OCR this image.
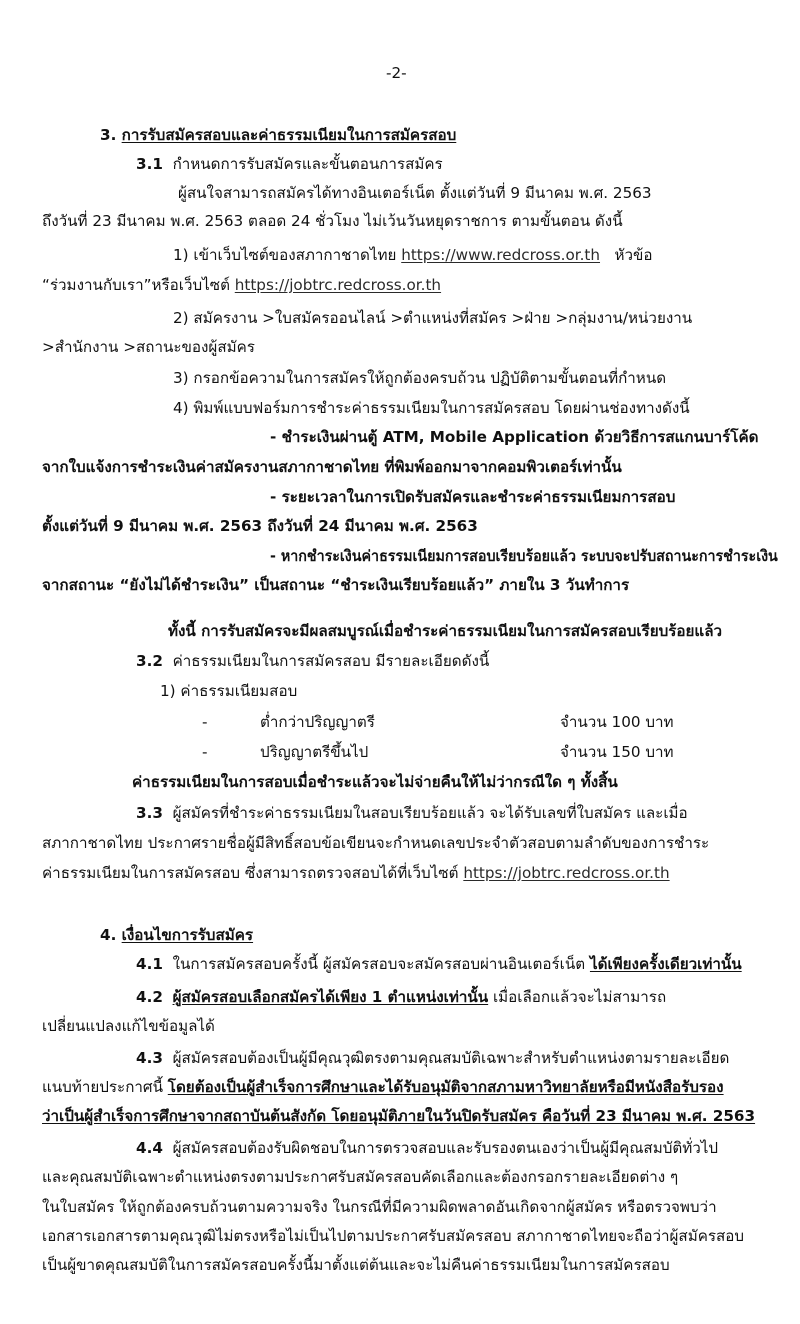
-2-
3. การรับสมัครสอบและค่าธรรมเนียมในการสมัครสอบ
3.1 กำหนดการรับสมัครและขั้นตอนการสมัคร
ผู้สนใจสามารถสมัครได้ทางอินเตอร์เน็ต ตั้งแต่วันที่ 9 มีนาคม พ.ศ. 2563
ถึงวันที่ 23 มีนาคม พ.ศ. 2563 ตลอด 24 ชั่วโมง ไม่เว้นวันหยุดราชการ ตามขั้นตอน ดังนี้
1) เข้าเว็บไซต์ของสภากาชาดไทย https://www.redcross.or.th หัวข้อ
“ร่วมงานกับเรา”หรือเว็บไซต์ https://jobtrc.redcross.or.th
2) สมัครงาน >ใบสมัครออนไลน์ >ตำแหน่งที่สมัคร >ฝ่าย >กลุ่มงาน/หน่วยงาน
>สำนักงาน >สถานะของผู้สมัคร
3) กรอกข้อความในการสมัครให้ถูกต้องครบถ้วน ปฏิบัติตามขั้นตอนที่กำหนด
4) พิมพ์แบบฟอร์มการชำระค่าธรรมเนียมในการสมัครสอบ โดยผ่านช่องทางดังนี้
- ชำระเงินผ่านตู้ ATM, Mobile Application ด้วยวิธีการสแกนบาร์โค้ด
จากใบแจ้งการชำระเงินค่าสมัครงานสภากาชาดไทย ที่พิมพ์ออกมาจากคอมพิวเตอร์เท่านั้น
- ระยะเวลาในการเปิดรับสมัครและชำระค่าธรรมเนียมการสอบ
ตั้งแต่วันที่ 9 มีนาคม พ.ศ. 2563 ถึงวันที่ 24 มีนาคม พ.ศ. 2563
- หากชำระเงินค่าธรรมเนียมการสอบเรียบร้อยแล้ว ระบบจะปรับสถานะการชำระเงิน
จากสถานะ “ยังไม่ได้ชำระเงิน” เป็นสถานะ “ชำระเงินเรียบร้อยแล้ว” ภายใน 3 วันทำการ
ทั้งนี้ การรับสมัครจะมีผลสมบูรณ์เมื่อชำระค่าธรรมเนียมในการสมัครสอบเรียบร้อยแล้ว
3.2 ค่าธรรมเนียมในการสมัครสอบ มีรายละเอียดดังนี้
1) ค่าธรรมเนียมสอบ
-	ต่ำกว่าปริญญาตรี	จำนวน 100 บาท
-	ปริญญาตรีขึ้นไป	จำนวน 150 บาท
ค่าธรรมเนียมในการสอบเมื่อชำระแล้วจะไม่จ่ายคืนให้ไม่ว่ากรณีใด ๆ ทั้งสิ้น
3.3 ผู้สมัครที่ชำระค่าธรรมเนียมในสอบเรียบร้อยแล้ว จะได้รับเลขที่ใบสมัคร และเมื่อ
สภากาชาดไทย ประกาศรายชื่อผู้มีสิทธิ์สอบข้อเขียนจะกำหนดเลขประจำตัวสอบตามลำดับของการชำระ
ค่าธรรมเนียมในการสมัครสอบ ซึ่งสามารถตรวจสอบได้ที่เว็บไซต์ https://jobtrc.redcross.or.th
4. เงื่อนไขการรับสมัคร
4.1 ในการสมัครสอบครั้งนี้ ผู้สมัครสอบจะสมัครสอบผ่านอินเตอร์เน็ต ได้เพียงครั้งเดียวเท่านั้น
4.2 ผู้สมัครสอบเลือกสมัครได้เพียง 1 ตำแหน่งเท่านั้น เมื่อเลือกแล้วจะไม่สามารถ
เปลี่ยนแปลงแก้ไขข้อมูลได้
4.3 ผู้สมัครสอบต้องเป็นผู้มีคุณวุฒิตรงตามคุณสมบัติเฉพาะสำหรับตำแหน่งตามรายละเอียด
แนบท้ายประกาศนี้ โดยต้องเป็นผู้สำเร็จการศึกษาและได้รับอนุมัติจากสภามหาวิทยาลัยหรือมีหนังสือรับรอง
ว่าเป็นผู้สำเร็จการศึกษาจากสถาบันต้นสังกัด โดยอนุมัติภายในวันปิดรับสมัคร คือวันที่ 23 มีนาคม พ.ศ. 2563
4.4 ผู้สมัครสอบต้องรับผิดชอบในการตรวจสอบและรับรองตนเองว่าเป็นผู้มีคุณสมบัติทั่วไป
และคุณสมบัติเฉพาะตำแหน่งตรงตามประกาศรับสมัครสอบคัดเลือกและต้องกรอกรายละเอียดต่าง ๆ
ในใบสมัคร ให้ถูกต้องครบถ้วนตามความจริง ในกรณีที่มีความผิดพลาดอันเกิดจากผู้สมัคร หรือตรวจพบว่า
เอกสารเอกสารตามคุณวุฒิไม่ตรงหรือไม่เป็นไปตามประกาศรับสมัครสอบ สภากาชาดไทยจะถือว่าผู้สมัครสอบ
เป็นผู้ขาดคุณสมบัติในการสมัครสอบครั้งนี้มาตั้งแต่ต้นและจะไม่คืนค่าธรรมเนียมในการสมัครสอบ
